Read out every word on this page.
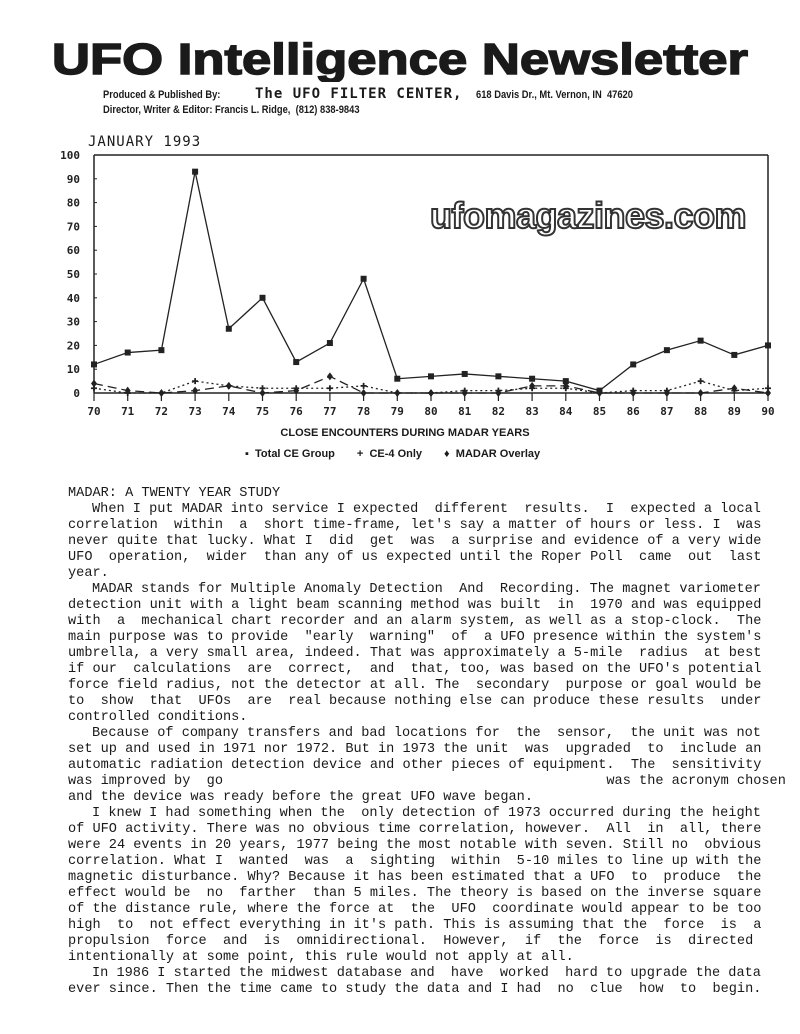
UFO Intelligence Newsletter
Produced & Published By:	The UFO FILTER CENTER, 618 Davis Dr., Mt. Vernon, IN  47620
Director, Writer & Editor: Francis L. Ridge,  (812) 838-9843
JANUARY 1993
0
10
20
30
40
50
60
70
80
90
100
70 71 72 73 74 75 76 77 78 79 80 81 82 83 84 85 86 87 88 89 90
CLOSE ENCOUNTERS DURING MADAR YEARS
▪ Total CE Group + CE-4 Only ♦ MADAR Overlay
MADAR: A TWENTY YEAR STUDY
When I put MADAR into service I expected  different  results.  I  expected a local
correlation  within  a  short time-frame, let's say a matter of hours or less. I  was
never quite that lucky. What I  did  get  was  a surprise and evidence of a very wide
UFO  operation,  wider  than any of us expected until the Roper Poll  came  out  last
year.
MADAR stands for Multiple Anomaly Detection  And  Recording. The magnet variometer
detection unit with a light beam scanning method was built  in  1970 and was equipped
with  a  mechanical chart recorder and an alarm system, as well as a stop-clock.  The
main purpose was to provide  "early  warning"  of  a UFO presence within the system's
umbrella, a very small area, indeed. That was approximately a 5-mile  radius  at best
if our  calculations  are  correct,  and  that, too, was based on the UFO's potential
force field radius, not the detector at all. The  secondary  purpose or goal would be
to  show  that  UFOs  are  real because nothing else can produce these results  under
controlled conditions.
Because of company transfers and bad locations for  the  sensor,  the unit was not
set up and used in 1971 nor 1972. But in 1973 the unit  was  upgraded  to  include an
automatic radiation detection device and other pieces of equipment.  The  sensitivity
was improved by  go                                               was the acronym chosen
and the device was ready before the great UFO wave began.
I knew I had something when the  only detection of 1973 occurred during the height
of UFO activity. There was no obvious time correlation, however.  All  in  all, there
were 24 events in 20 years, 1977 being the most notable with seven. Still no  obvious
correlation. What I  wanted  was  a  sighting  within  5-10 miles to line up with the
magnetic disturbance. Why? Because it has been estimated that a UFO  to  produce  the
effect would be  no  farther  than 5 miles. The theory is based on the inverse square
of the distance rule, where the force at  the  UFO  coordinate would appear to be too
high  to  not effect everything in it's path. This is assuming that the  force  is  a
propulsion  force  and  is  omnidirectional.  However,  if  the  force  is  directed
intentionally at some point, this rule would not apply at all.
In 1986 I started the midwest database and  have  worked  hard to upgrade the data
ever since. Then the time came to study the data and I had  no  clue  how  to  begin.
ufomagazines.com
